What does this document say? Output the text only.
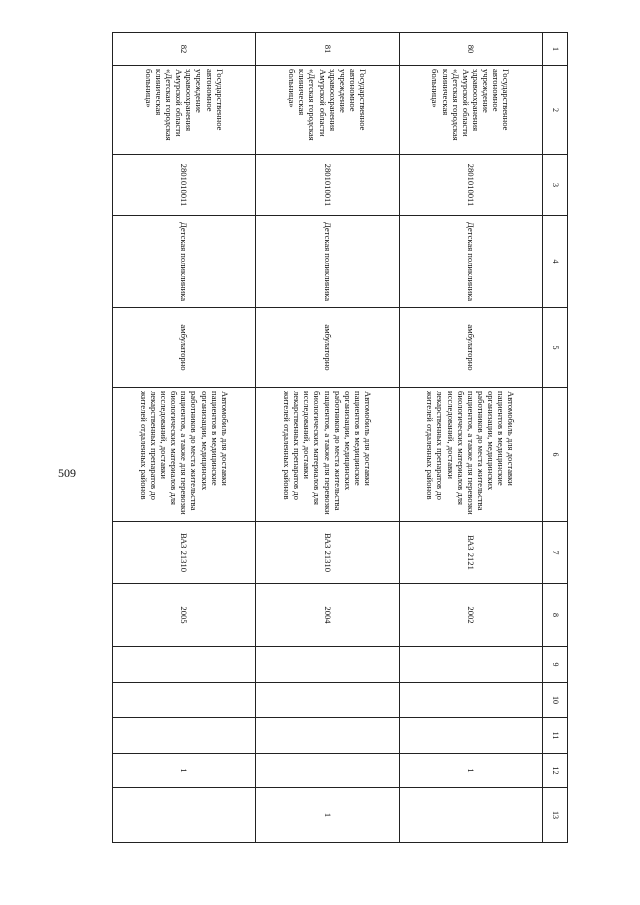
509
1	2	3	4	5	6	7	8	9	10	11	12	13
80	Государственное автономное учреждение здравоохранения Амурской области «Детская городская клиническая больница»	2801010011	Детская поликлиника	амбулаторно	Автомобиль для доставки пациентов в медицинские организации, медицинских работников до места жительства пациентов, а также для перевозки биологических материалов для исследований, доставки лекарственных препаратов до жителей отдаленных районов	ВАЗ 2121	2002				1	
81	Государственное автономное учреждение здравоохранения Амурской области «Детская городская клиническая больница»	2801010011	Детская поликлиника	амбулаторно	Автомобиль для доставки пациентов в медицинские организации, медицинских работников до места жительства пациентов, а также для перевозки биологических материалов для исследований, доставки лекарственных препаратов до жителей отдаленных районов	ВАЗ 21310	2004					1
82	Государственное автономное учреждение здравоохранения Амурской области «Детская городская клиническая больница»	2801010011	Детская поликлиника	амбулаторно	Автомобиль для доставки пациентов в медицинские организации, медицинских работников до места жительства пациентов, а также для перевозки биологических материалов для исследований, доставки лекарственных препаратов до жителей отдаленных районов	ВАЗ 21310	2005				1	
